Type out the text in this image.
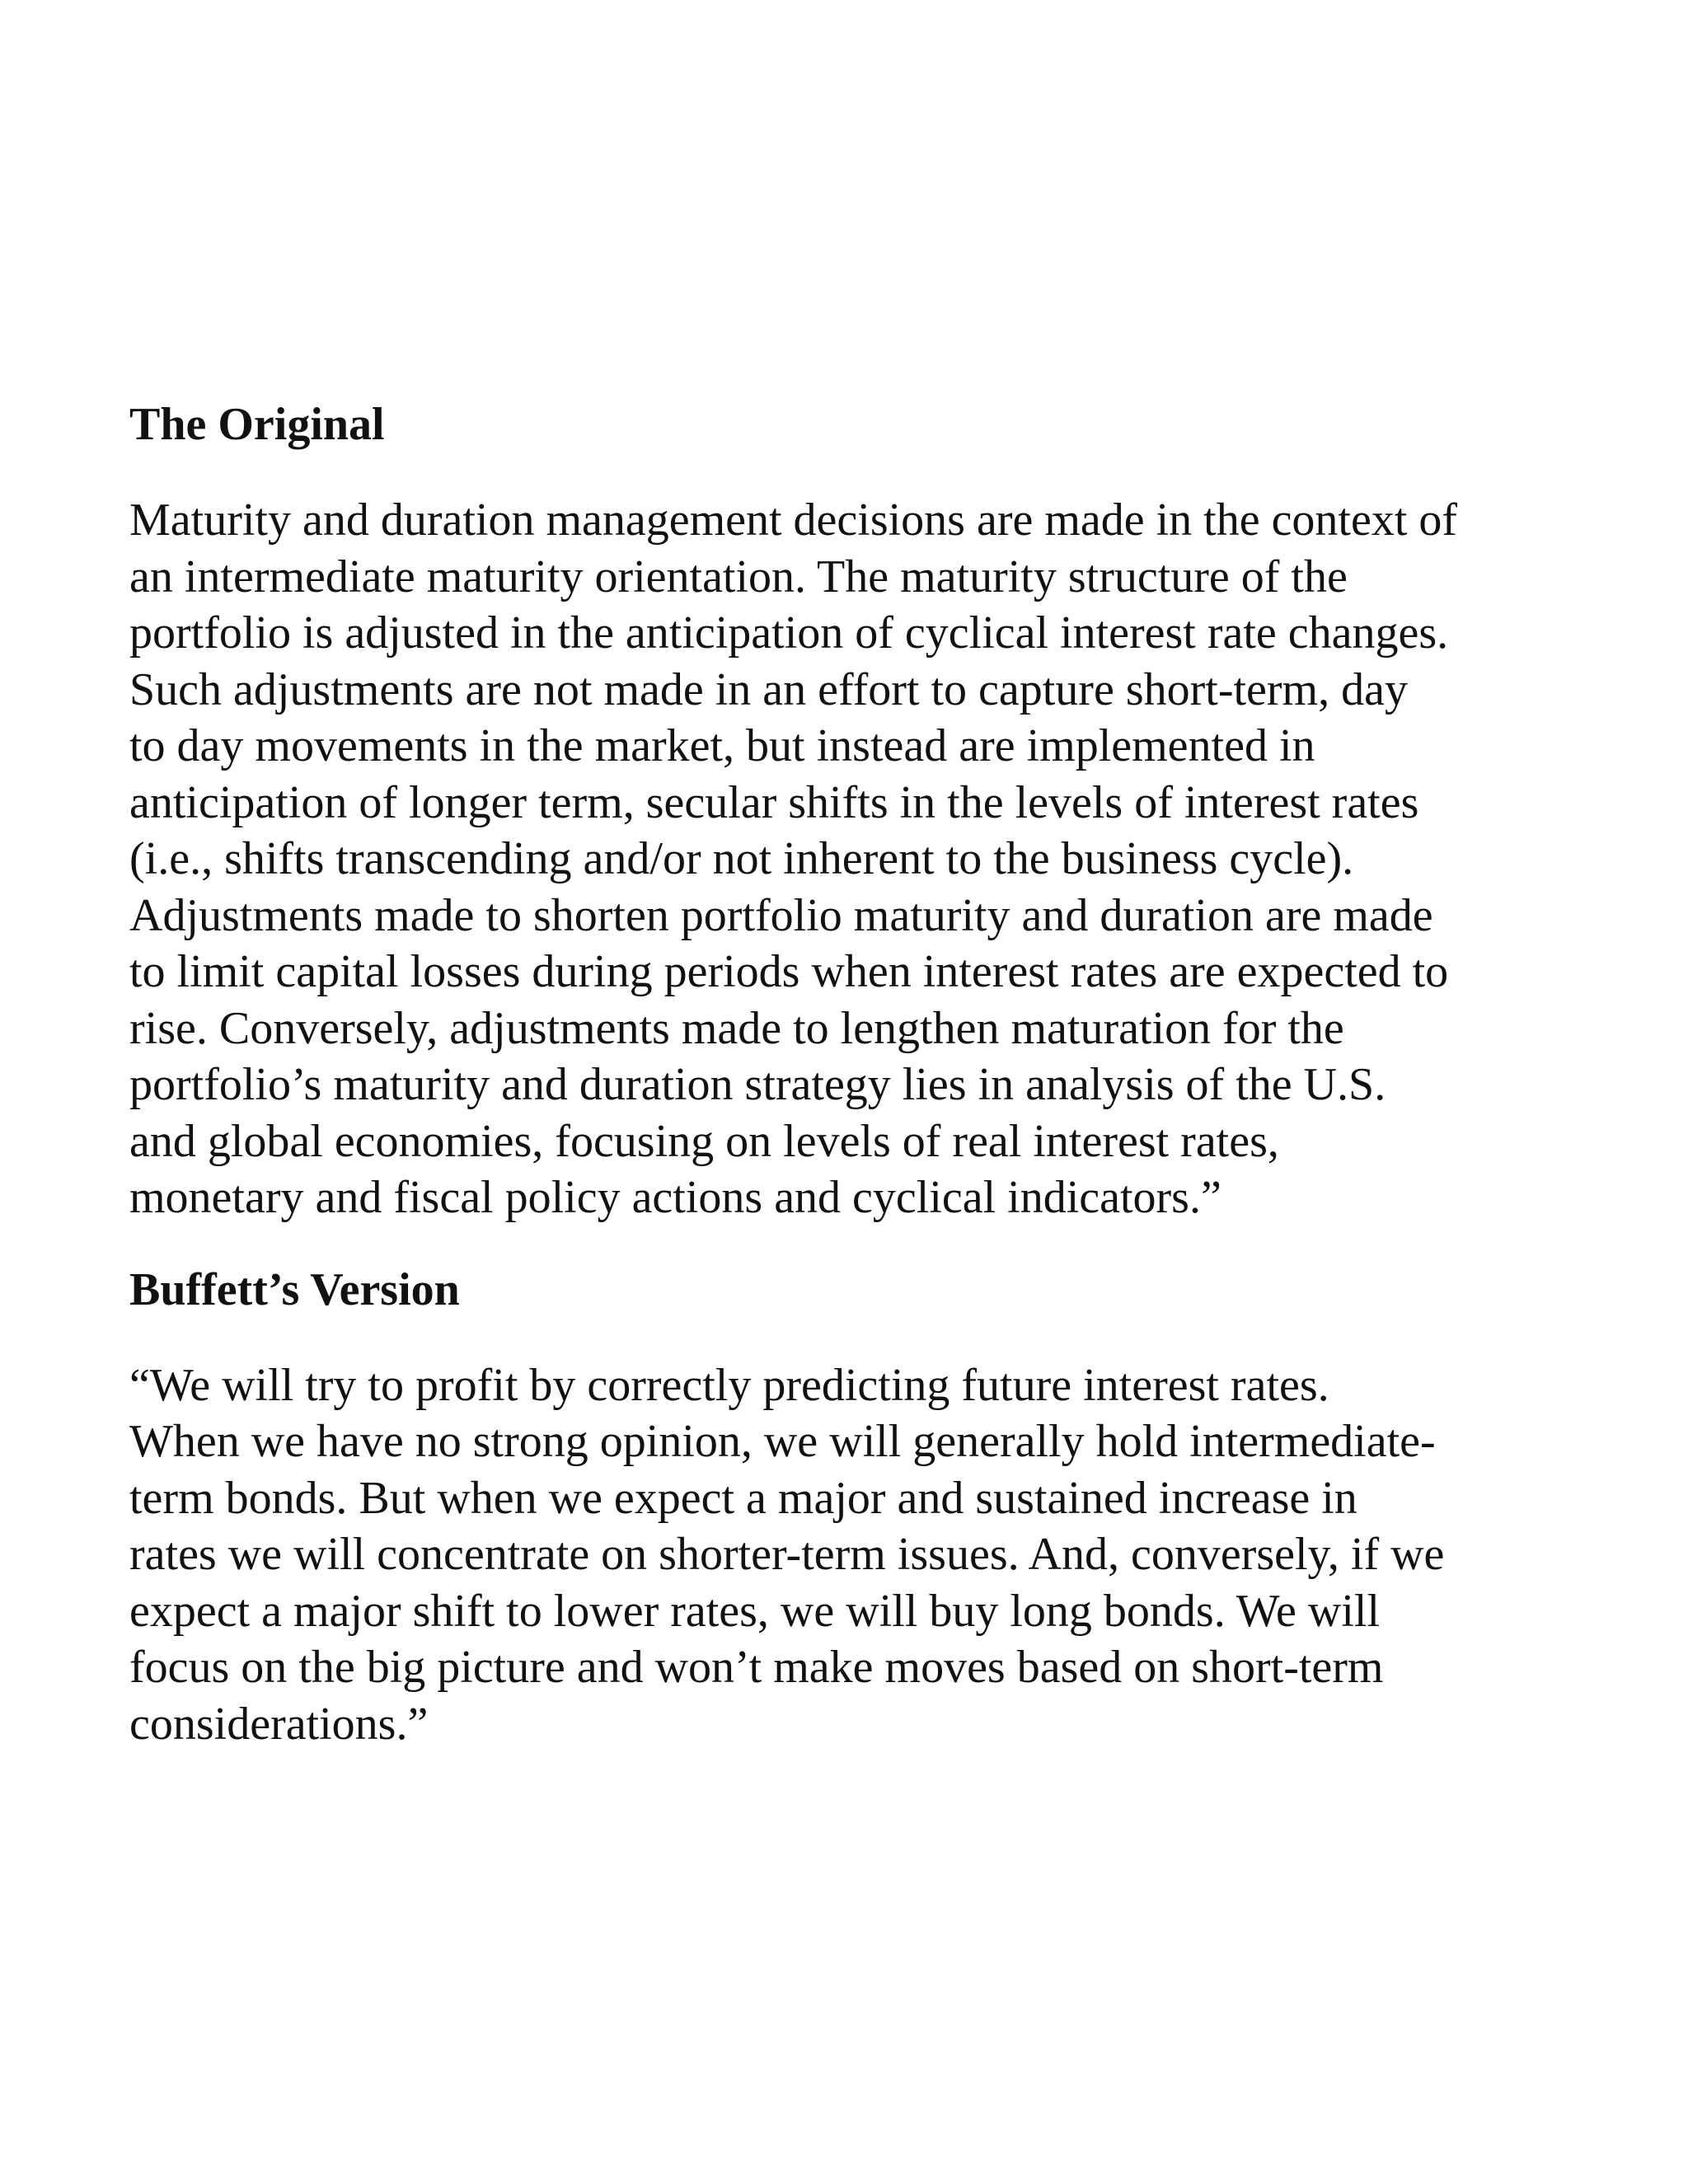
The Original

Maturity and duration management decisions are made in the context of
an intermediate maturity orientation. The maturity structure of the
portfolio is adjusted in the anticipation of cyclical interest rate changes.
Such adjustments are not made in an effort to capture short-term, day
to day movements in the market, but instead are implemented in
anticipation of longer term, secular shifts in the levels of interest rates
(i.e., shifts transcending and/or not inherent to the business cycle).
Adjustments made to shorten portfolio maturity and duration are made
to limit capital losses during periods when interest rates are expected to
rise. Conversely, adjustments made to lengthen maturation for the
portfolio’s maturity and duration strategy lies in analysis of the U.S.
and global economies, focusing on levels of real interest rates,
monetary and fiscal policy actions and cyclical indicators.”

Buffett’s Version

“We will try to profit by correctly predicting future interest rates.
When we have no strong opinion, we will generally hold intermediate-
term bonds. But when we expect a major and sustained increase in
rates we will concentrate on shorter-term issues. And, conversely, if we
expect a major shift to lower rates, we will buy long bonds. We will
focus on the big picture and won’t make moves based on short-term
considerations.”
